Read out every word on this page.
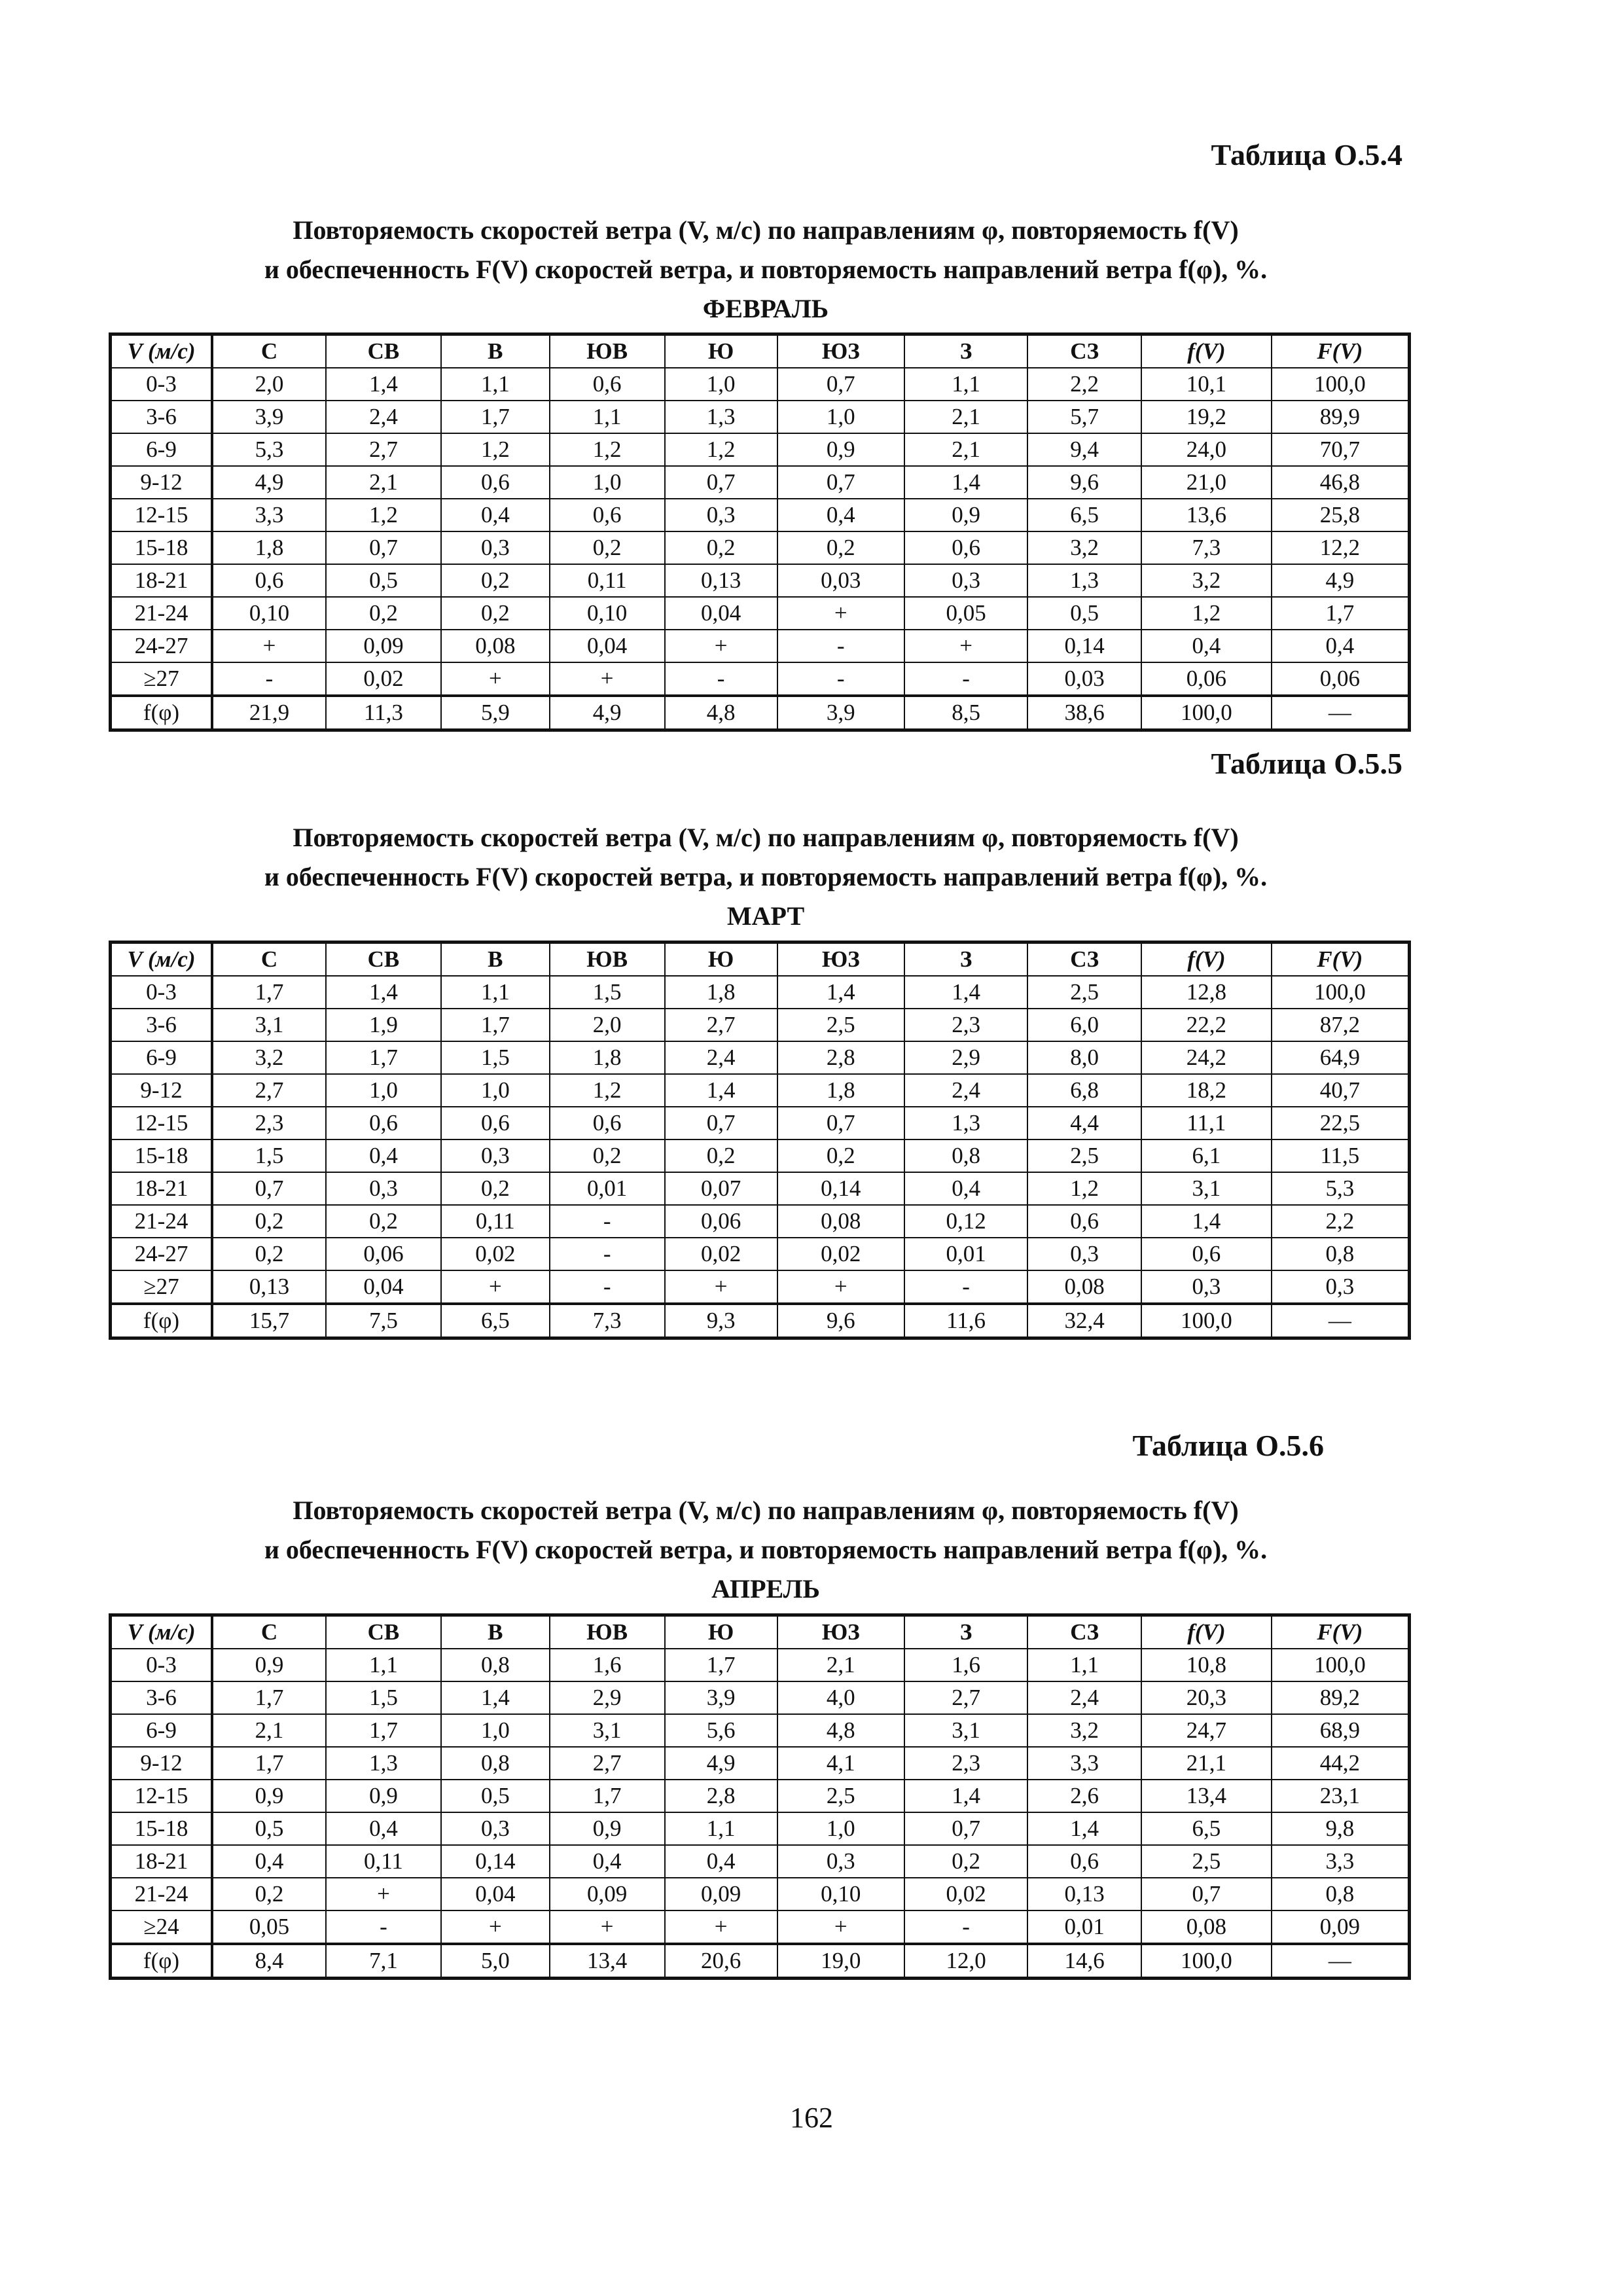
Таблица О.5.4
Повторяемость скоростей ветра (V, м/с) по направлениям φ, повторяемость f(V)
и обеспеченность F(V) скоростей ветра, и повторяемость направлений ветра f(φ), %.
ФЕВРАЛЬ
V (м/с)	С	СВ	В	ЮВ	Ю	ЮЗ	З	СЗ	f(V)	F(V)
0-3	2,0	1,4	1,1	0,6	1,0	0,7	1,1	2,2	10,1	100,0
3-6	3,9	2,4	1,7	1,1	1,3	1,0	2,1	5,7	19,2	89,9
6-9	5,3	2,7	1,2	1,2	1,2	0,9	2,1	9,4	24,0	70,7
9-12	4,9	2,1	0,6	1,0	0,7	0,7	1,4	9,6	21,0	46,8
12-15	3,3	1,2	0,4	0,6	0,3	0,4	0,9	6,5	13,6	25,8
15-18	1,8	0,7	0,3	0,2	0,2	0,2	0,6	3,2	7,3	12,2
18-21	0,6	0,5	0,2	0,11	0,13	0,03	0,3	1,3	3,2	4,9
21-24	0,10	0,2	0,2	0,10	0,04	+	0,05	0,5	1,2	1,7
24-27	+	0,09	0,08	0,04	+	-	+	0,14	0,4	0,4
≥27	-	0,02	+	+	-	-	-	0,03	0,06	0,06
f(φ)	21,9	11,3	5,9	4,9	4,8	3,9	8,5	38,6	100,0	—
Таблица О.5.5
Повторяемость скоростей ветра (V, м/с) по направлениям φ, повторяемость f(V)
и обеспеченность F(V) скоростей ветра, и повторяемость направлений ветра f(φ), %.
МАРТ
V (м/с)	С	СВ	В	ЮВ	Ю	ЮЗ	З	СЗ	f(V)	F(V)
0-3	1,7	1,4	1,1	1,5	1,8	1,4	1,4	2,5	12,8	100,0
3-6	3,1	1,9	1,7	2,0	2,7	2,5	2,3	6,0	22,2	87,2
6-9	3,2	1,7	1,5	1,8	2,4	2,8	2,9	8,0	24,2	64,9
9-12	2,7	1,0	1,0	1,2	1,4	1,8	2,4	6,8	18,2	40,7
12-15	2,3	0,6	0,6	0,6	0,7	0,7	1,3	4,4	11,1	22,5
15-18	1,5	0,4	0,3	0,2	0,2	0,2	0,8	2,5	6,1	11,5
18-21	0,7	0,3	0,2	0,01	0,07	0,14	0,4	1,2	3,1	5,3
21-24	0,2	0,2	0,11	-	0,06	0,08	0,12	0,6	1,4	2,2
24-27	0,2	0,06	0,02	-	0,02	0,02	0,01	0,3	0,6	0,8
≥27	0,13	0,04	+	-	+	+	-	0,08	0,3	0,3
f(φ)	15,7	7,5	6,5	7,3	9,3	9,6	11,6	32,4	100,0	—
Таблица О.5.6
Повторяемость скоростей ветра (V, м/с) по направлениям φ, повторяемость f(V)
и обеспеченность F(V) скоростей ветра, и повторяемость направлений ветра f(φ), %.
АПРЕЛЬ
V (м/с)	С	СВ	В	ЮВ	Ю	ЮЗ	З	СЗ	f(V)	F(V)
0-3	0,9	1,1	0,8	1,6	1,7	2,1	1,6	1,1	10,8	100,0
3-6	1,7	1,5	1,4	2,9	3,9	4,0	2,7	2,4	20,3	89,2
6-9	2,1	1,7	1,0	3,1	5,6	4,8	3,1	3,2	24,7	68,9
9-12	1,7	1,3	0,8	2,7	4,9	4,1	2,3	3,3	21,1	44,2
12-15	0,9	0,9	0,5	1,7	2,8	2,5	1,4	2,6	13,4	23,1
15-18	0,5	0,4	0,3	0,9	1,1	1,0	0,7	1,4	6,5	9,8
18-21	0,4	0,11	0,14	0,4	0,4	0,3	0,2	0,6	2,5	3,3
21-24	0,2	+	0,04	0,09	0,09	0,10	0,02	0,13	0,7	0,8
≥24	0,05	-	+	+	+	+	-	0,01	0,08	0,09
f(φ)	8,4	7,1	5,0	13,4	20,6	19,0	12,0	14,6	100,0	—
162
